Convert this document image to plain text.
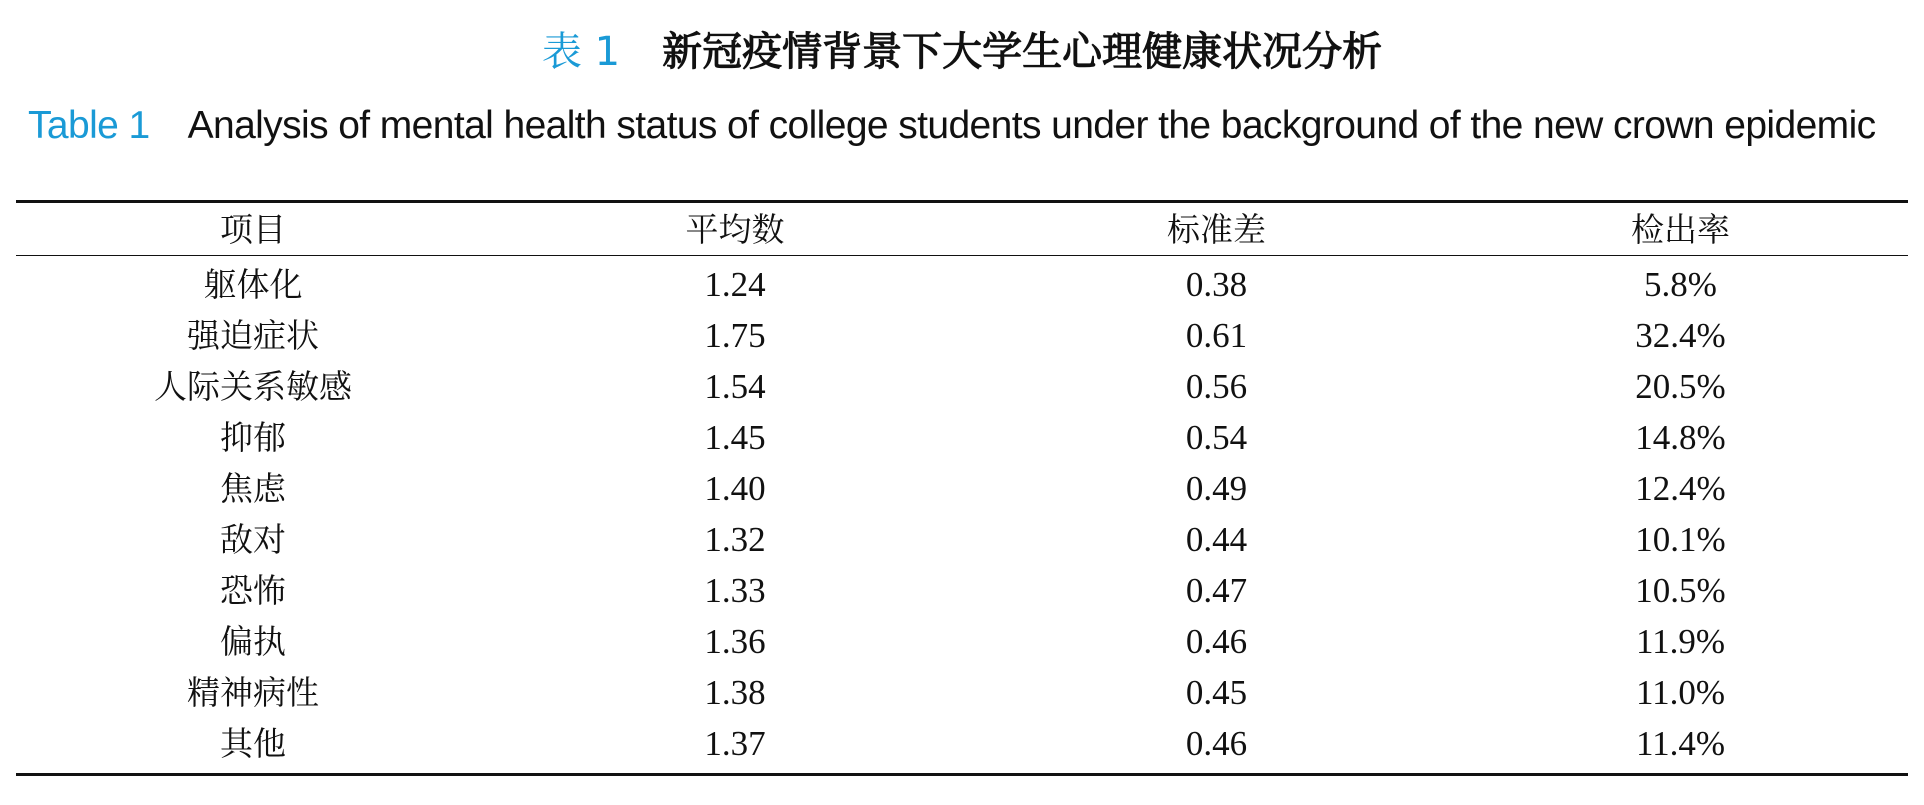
表 1 新冠疫情背景下大学生心理健康状况分析
Table 1 Analysis of mental health status of college students under the background of the new crown epidemic
项目	平均数	标准差	检出率
躯体化	1.24	0.38	5.8%
强迫症状	1.75	0.61	32.4%
人际关系敏感	1.54	0.56	20.5%
抑郁	1.45	0.54	14.8%
焦虑	1.40	0.49	12.4%
敌对	1.32	0.44	10.1%
恐怖	1.33	0.47	10.5%
偏执	1.36	0.46	11.9%
精神病性	1.38	0.45	11.0%
其他	1.37	0.46	11.4%
